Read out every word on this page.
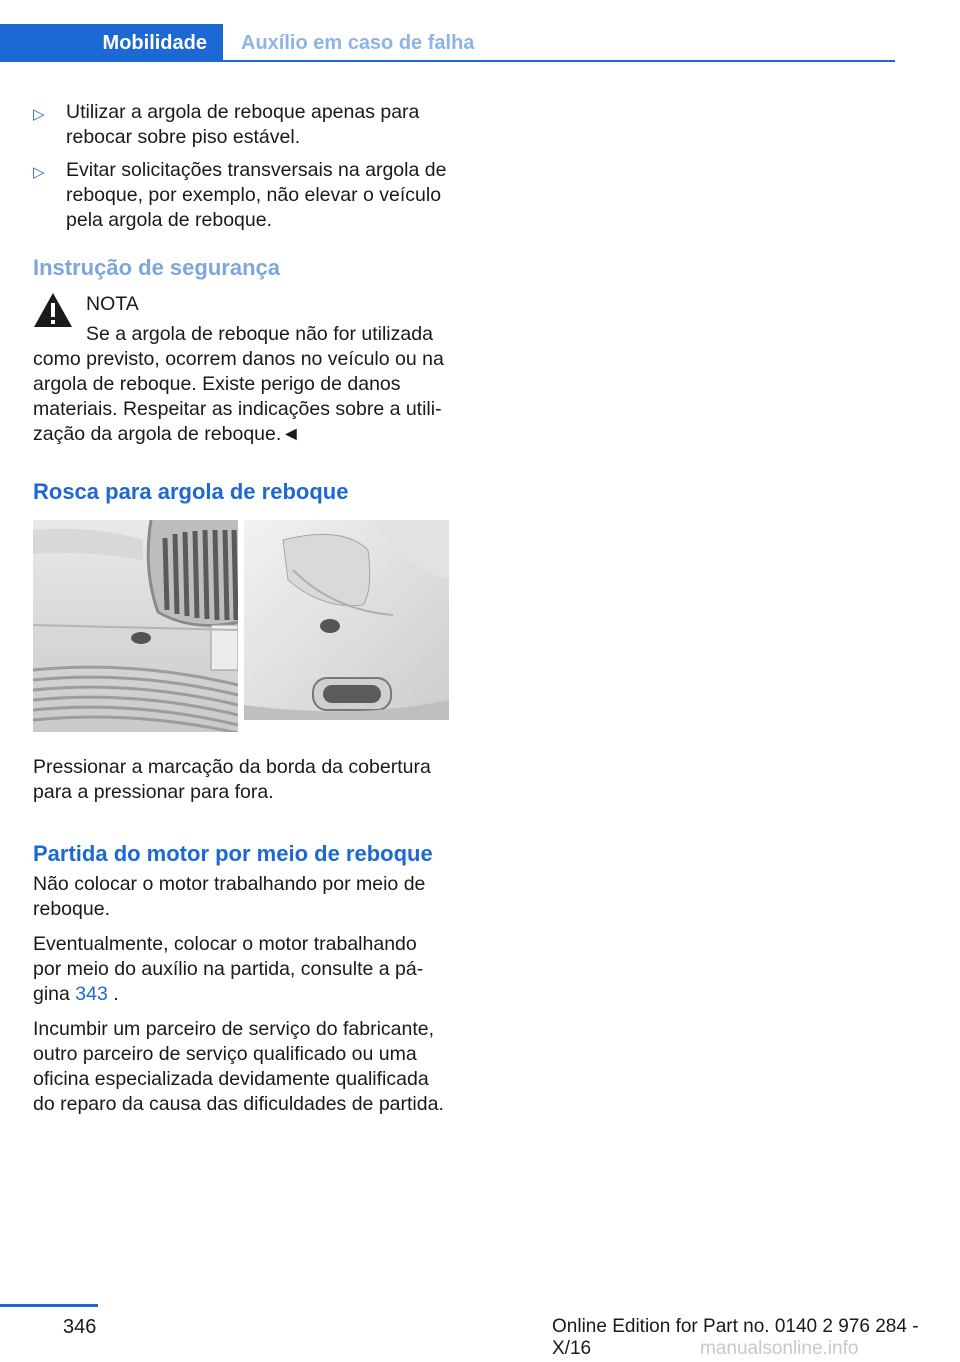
Mobilidade	Auxílio em caso de falha
▷ Utilizar a argola de reboque apenas para rebocar sobre piso estável.
▷ Evitar solicitações transversais na argola de reboque, por exemplo, não elevar o veículo pela argola de reboque.
Instrução de segurança
NOTA
Se a argola de reboque não for utilizada
como previsto, ocorrem danos no veículo ou na argola de reboque. Existe perigo de danos materiais. Respeitar as indicações sobre a utilização da argola de reboque.◄
Rosca para argola de reboque

Pressionar a marcação da borda da cobertura para a pressionar para fora.

Partida do motor por meio de reboque

Não colocar o motor trabalhando por meio de reboque.

Eventualmente, colocar o motor trabalhando por meio do auxílio na partida, consulte a página 343 .

Incumbir um parceiro de serviço do fabricante, outro parceiro de serviço qualificado ou uma oficina especializada devidamente qualificada do reparo da causa das dificuldades de partida.

346	Online Edition for Part no. 0140 2 976 284 - X/16	manualsonline.info
